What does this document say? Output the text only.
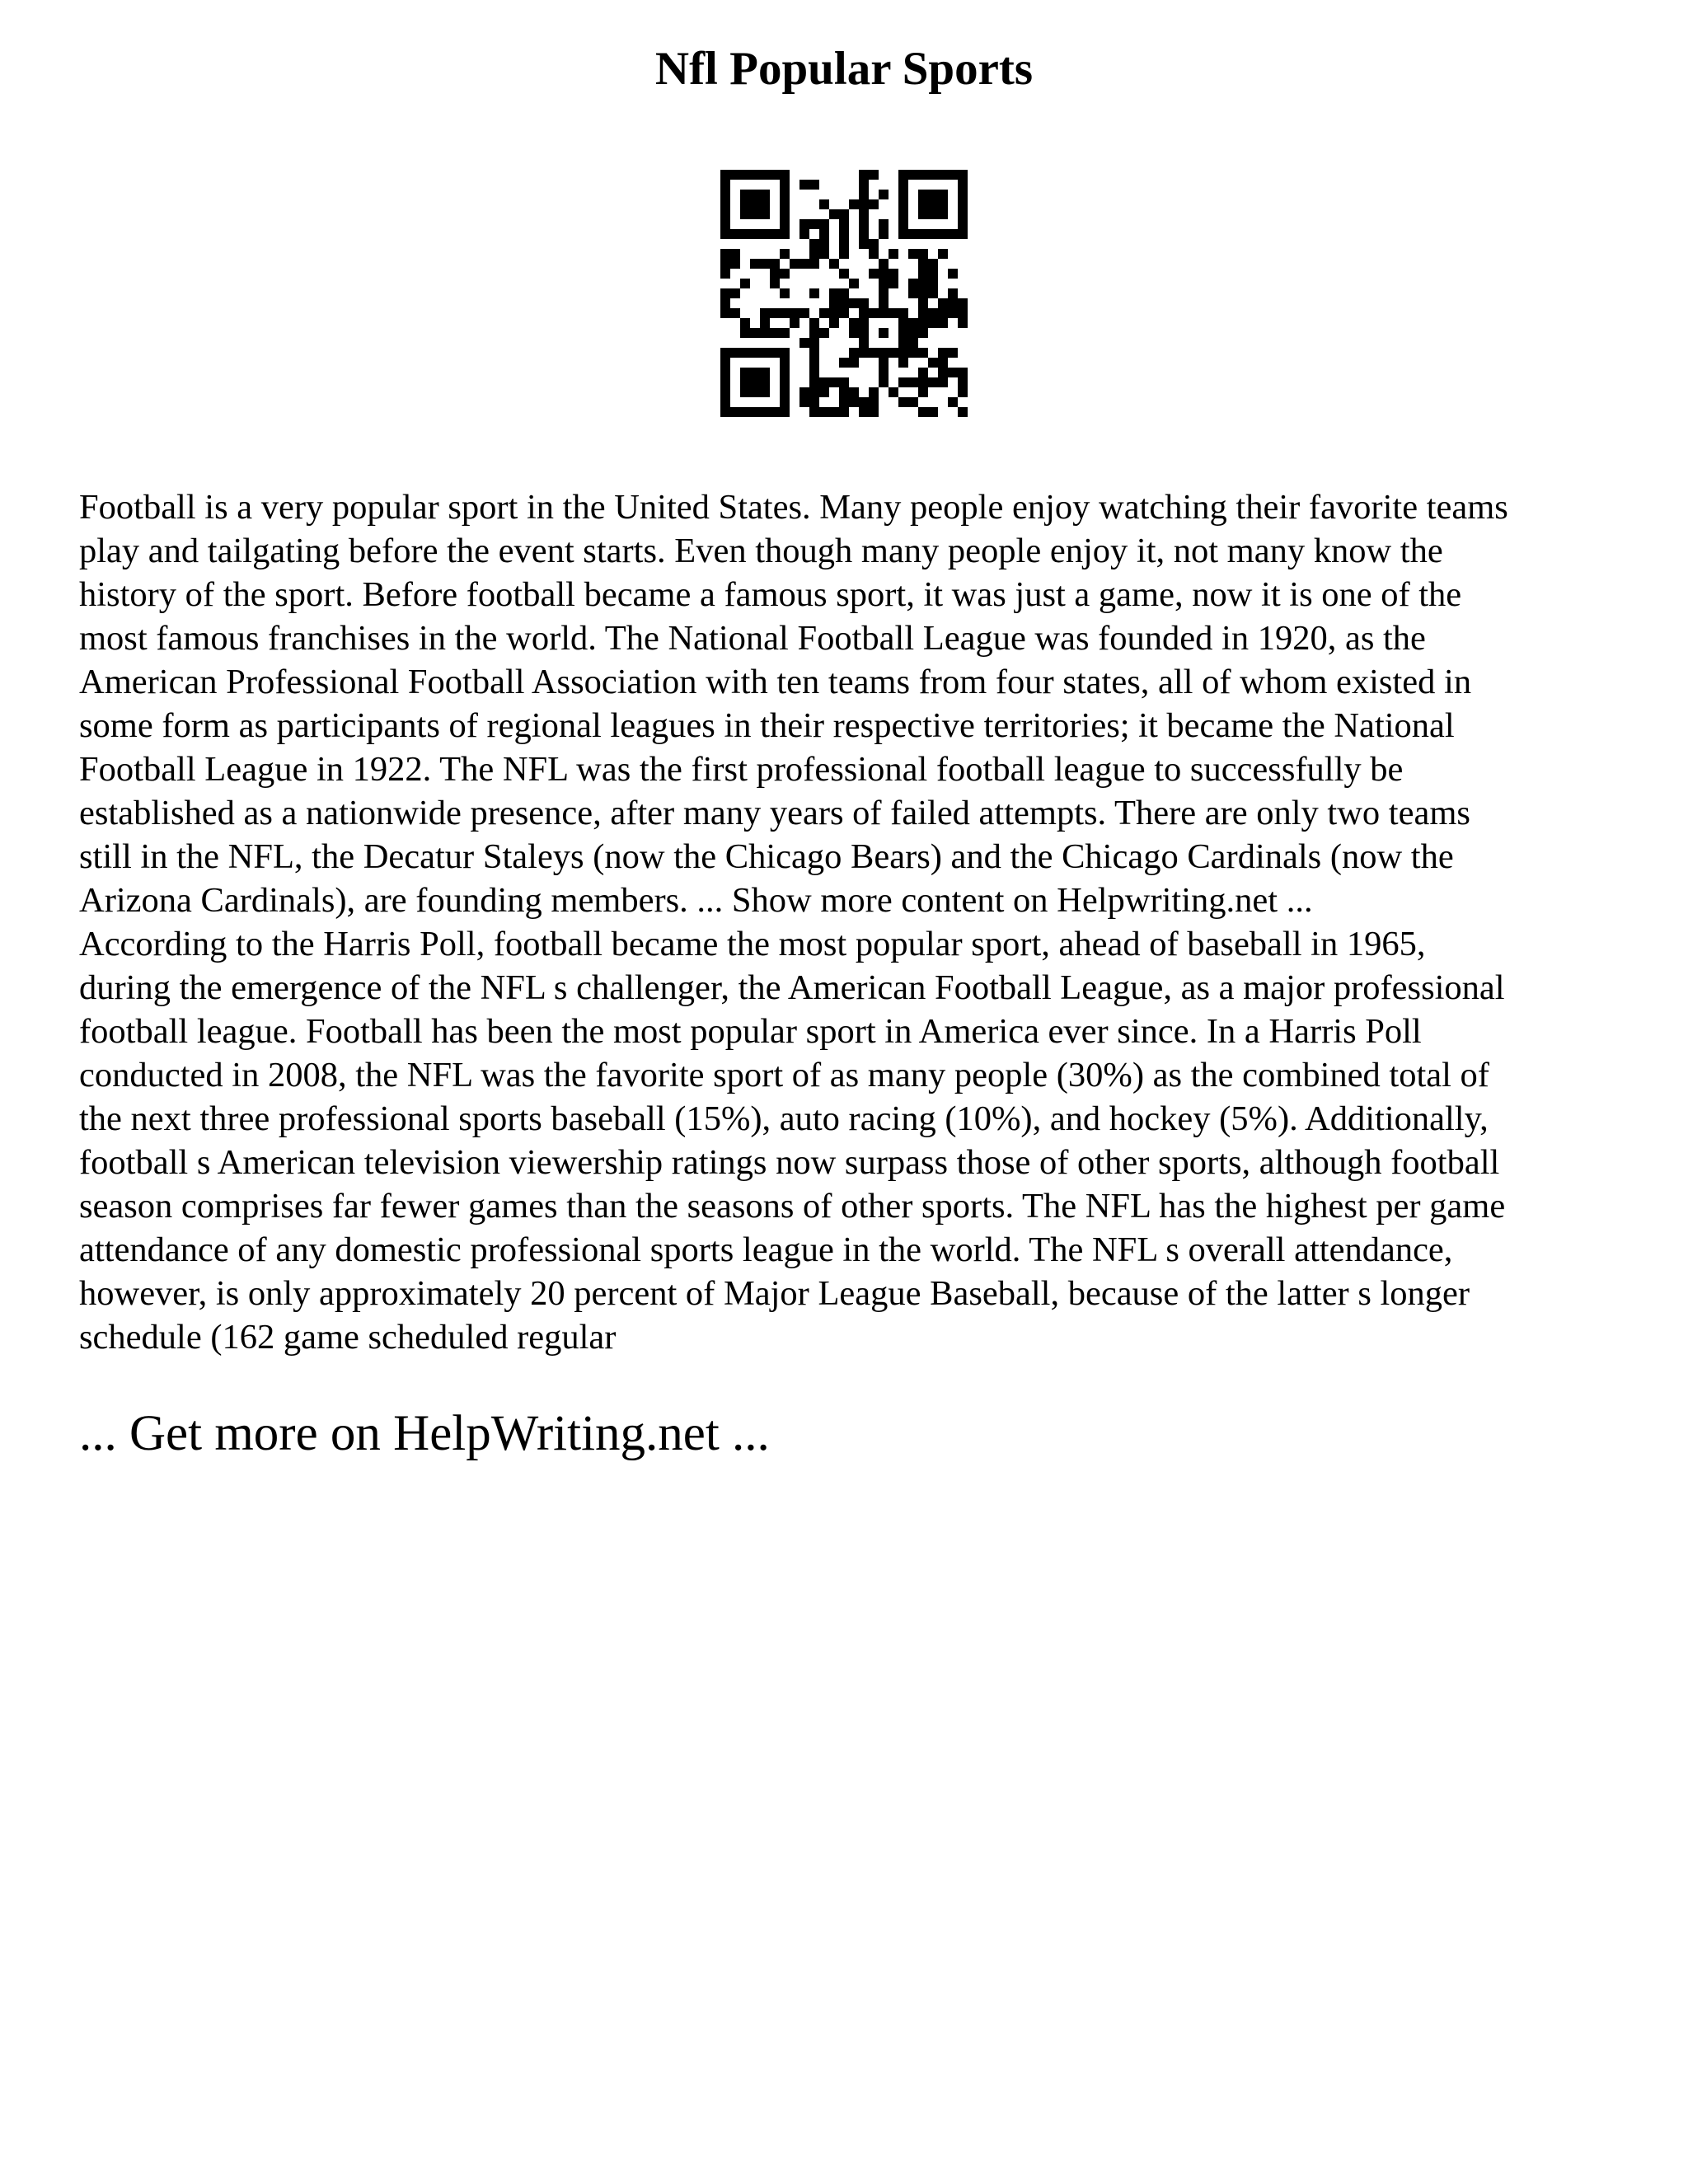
Nfl Popular Sports
Football is a very popular sport in the United States. Many people enjoy watching their favorite teams
play and tailgating before the event starts. Even though many people enjoy it, not many know the
history of the sport. Before football became a famous sport, it was just a game, now it is one of the
most famous franchises in the world. The National Football League was founded in 1920, as the
American Professional Football Association with ten teams from four states, all of whom existed in
some form as participants of regional leagues in their respective territories; it became the National
Football League in 1922. The NFL was the first professional football league to successfully be
established as a nationwide presence, after many years of failed attempts. There are only two teams
still in the NFL, the Decatur Staleys (now the Chicago Bears) and the Chicago Cardinals (now the
Arizona Cardinals), are founding members. ... Show more content on Helpwriting.net ...
According to the Harris Poll, football became the most popular sport, ahead of baseball in 1965,
during the emergence of the NFL s challenger, the American Football League, as a major professional
football league. Football has been the most popular sport in America ever since. In a Harris Poll
conducted in 2008, the NFL was the favorite sport of as many people (30%) as the combined total of
the next three professional sports baseball (15%), auto racing (10%), and hockey (5%). Additionally,
football s American television viewership ratings now surpass those of other sports, although football
season comprises far fewer games than the seasons of other sports. The NFL has the highest per game
attendance of any domestic professional sports league in the world. The NFL s overall attendance,
however, is only approximately 20 percent of Major League Baseball, because of the latter s longer
schedule (162 game scheduled regular

... Get more on HelpWriting.net ...
